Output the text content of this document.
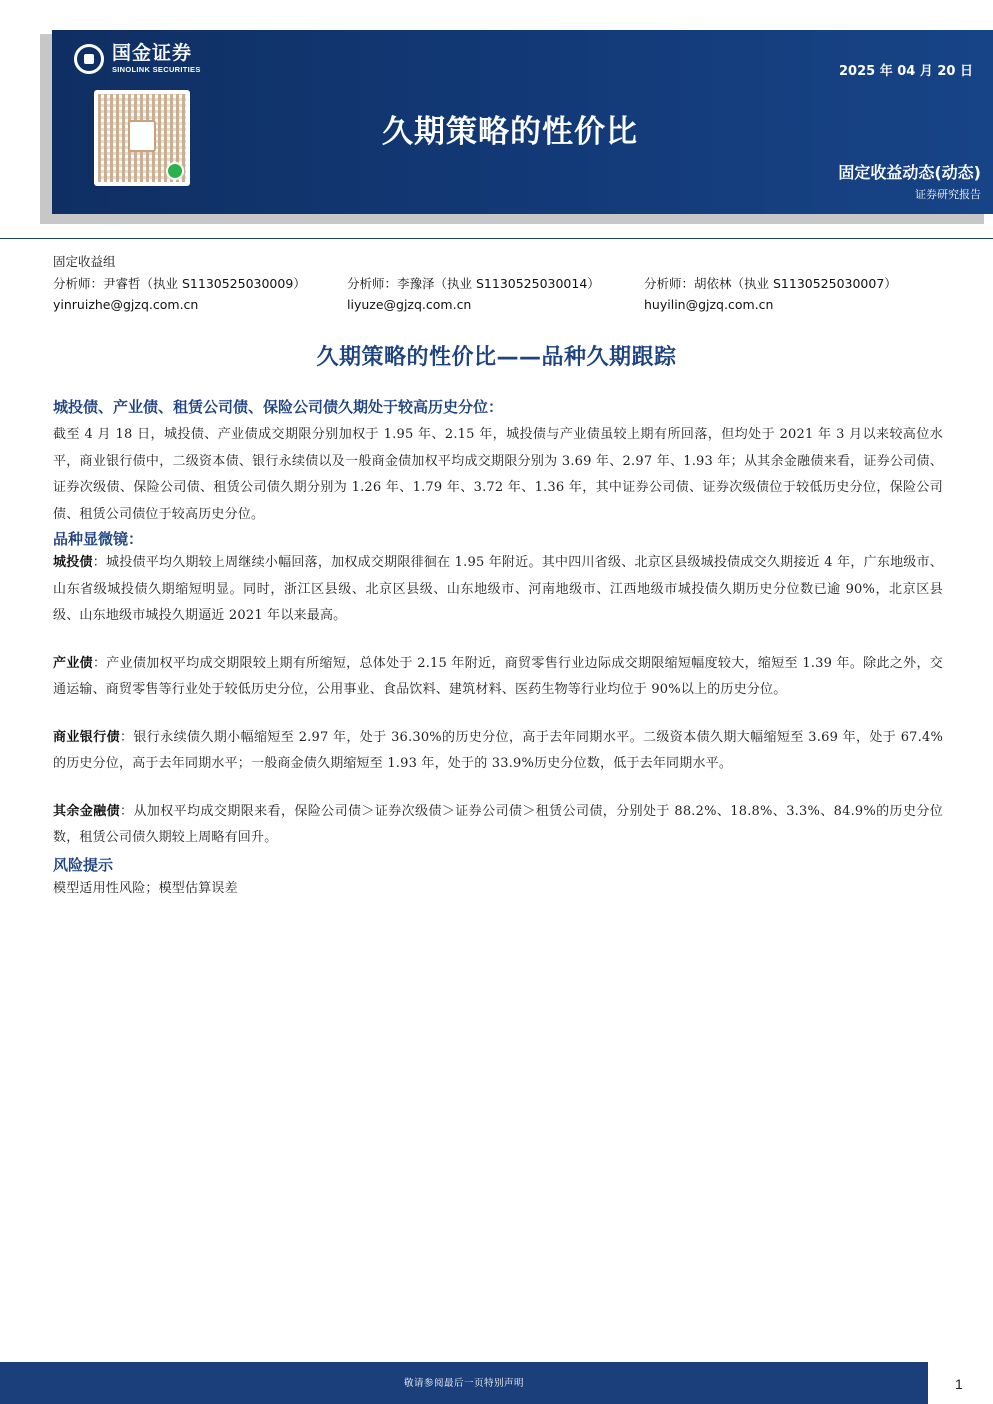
国金证券
SINOLINK SECURITIES	2025 年 04 月 20 日
久期策略的性价比
固定收益动态(动态)
证券研究报告
固定收益组
分析师：尹睿哲（执业 S1130525030009）
yinruizhe@gjzq.com.cn
分析师：李豫泽（执业 S1130525030014）
liyuze@gjzq.com.cn
分析师：胡依林（执业 S1130525030007）
huyilin@gjzq.com.cn
久期策略的性价比——品种久期跟踪
城投债、产业债、租赁公司债、保险公司债久期处于较高历史分位：

截至 4 月 18 日，城投债、产业债成交期限分别加权于 1.95 年、2.15 年，城投债与产业债虽较上期有所回落，但均处于 2021 年 3 月以来较高位水平，商业银行债中，二级资本债、银行永续债以及一般商金债加权平均成交期限分别为 3.69 年、2.97 年、1.93 年；从其余金融债来看，证券公司债、证券次级债、保险公司债、租赁公司债久期分别为 1.26 年、1.79 年、3.72 年、1.36 年，其中证券公司债、证券次级债位于较低历史分位，保险公司债、租赁公司债位于较高历史分位。

品种显微镜：

城投债：城投债平均久期较上周继续小幅回落，加权成交期限徘徊在 1.95 年附近。其中四川省级、北京区县级城投债成交久期接近 4 年，广东地级市、山东省级城投债久期缩短明显。同时，浙江区县级、北京区县级、山东地级市、河南地级市、江西地级市城投债久期历史分位数已逾 90%，北京区县级、山东地级市城投久期逼近 2021 年以来最高。

产业债：产业债加权平均成交期限较上期有所缩短，总体处于 2.15 年附近，商贸零售行业边际成交期限缩短幅度较大，缩短至 1.39 年。除此之外，交通运输、商贸零售等行业处于较低历史分位，公用事业、食品饮料、建筑材料、医药生物等行业均位于 90%以上的历史分位。

商业银行债：银行永续债久期小幅缩短至 2.97 年，处于 36.30%的历史分位，高于去年同期水平。二级资本债久期大幅缩短至 3.69 年，处于 67.4%的历史分位，高于去年同期水平；一般商金债久期缩短至 1.93 年，处于的 33.9%历史分位数，低于去年同期水平。

其余金融债：从加权平均成交期限来看，保险公司债＞证券次级债＞证券公司债＞租赁公司债，分别处于 88.2%、18.8%、3.3%、84.9%的历史分位数，租赁公司债久期较上周略有回升。

风险提示

模型适用性风险；模型估算误差

敬请参阅最后一页特别声明	1
